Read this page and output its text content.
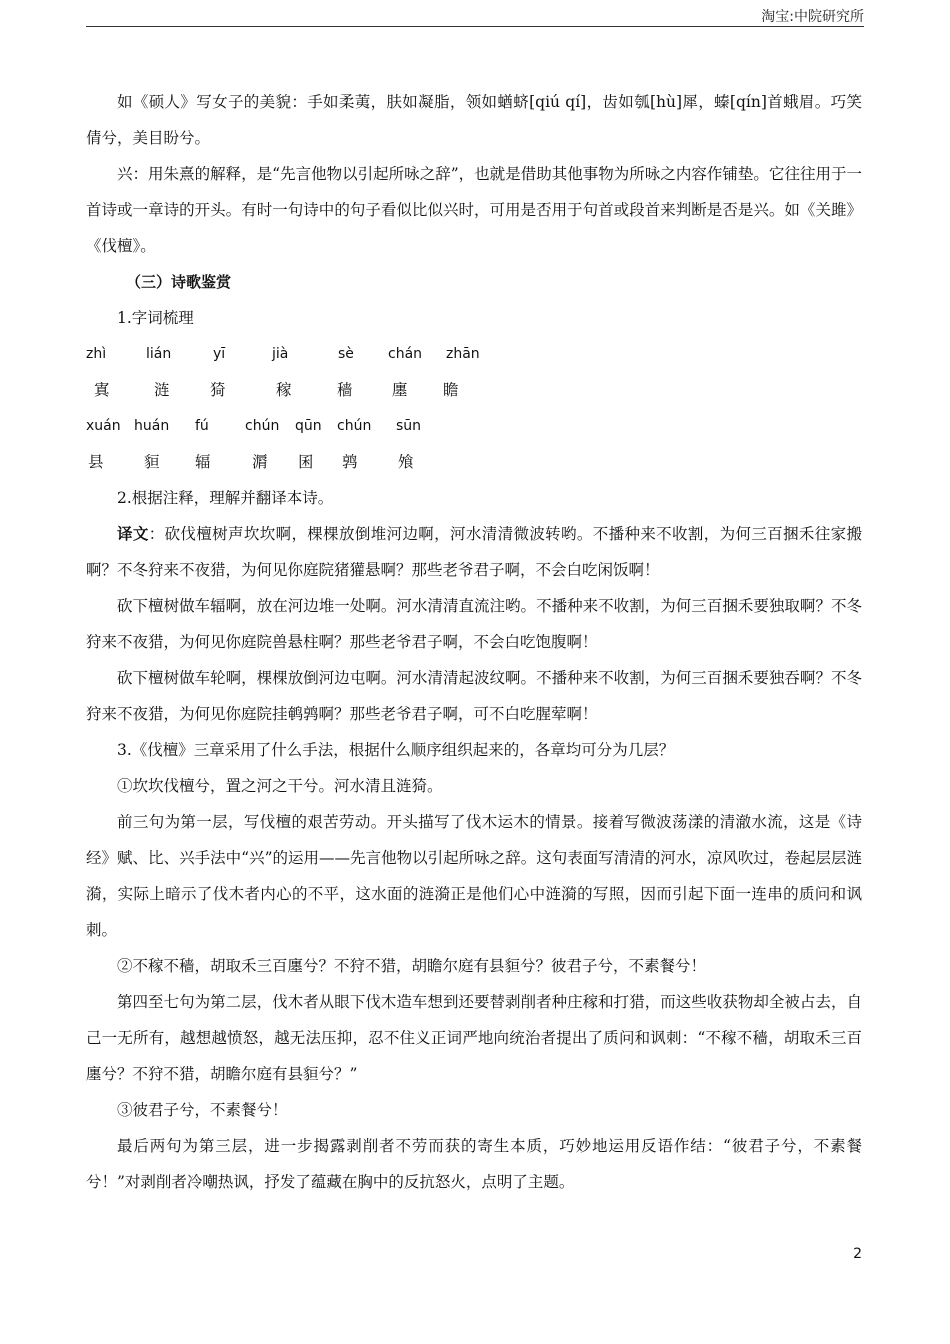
淘宝:中院研究所

如《硕人》写女子的美貌：手如柔荑，肤如凝脂，领如蝤蛴[qiú qí]，齿如瓠[hù]犀，螓[qín]首蛾眉。巧笑倩兮，美目盼兮。

兴：用朱熹的解释，是“先言他物以引起所咏之辞”，也就是借助其他事物为所咏之内容作铺垫。它往往用于一首诗或一章诗的开头。有时一句诗中的句子看似比似兴时，可用是否用于句首或段首来判断是否是兴。如《关雎》《伐檀》。

（三）诗歌鉴赏

1.字词梳理

zhì	lián	yī	jià	sè chán zhān
寘	涟	猗	稼	穑	廛 瞻
xuán huán fú	chún qūn chún sūn
县	貆 辐	漘 囷 鹑	飧

2.根据注释，理解并翻译本诗。

译文：砍伐檀树声坎坎啊，棵棵放倒堆河边啊，河水清清微波转哟。不播种来不收割，为何三百捆禾往家搬啊？不冬狩来不夜猎，为何见你庭院猪獾悬啊？那些老爷君子啊，不会白吃闲饭啊！

砍下檀树做车辐啊，放在河边堆一处啊。河水清清直流注哟。不播种来不收割，为何三百捆禾要独取啊？不冬狩来不夜猎，为何见你庭院兽悬柱啊？那些老爷君子啊，不会白吃饱腹啊！

砍下檀树做车轮啊，棵棵放倒河边屯啊。河水清清起波纹啊。不播种来不收割，为何三百捆禾要独吞啊？不冬狩来不夜猎，为何见你庭院挂鹌鹑啊？那些老爷君子啊，可不白吃腥荤啊！

3.《伐檀》三章采用了什么手法，根据什么顺序组织起来的，各章均可分为几层？

①坎坎伐檀兮，置之河之干兮。河水清且涟猗。

前三句为第一层，写伐檀的艰苦劳动。开头描写了伐木运木的情景。接着写微波荡漾的清澈水流，这是《诗经》赋、比、兴手法中“兴”的运用——先言他物以引起所咏之辞。这句表面写清清的河水，凉风吹过，卷起层层涟漪，实际上暗示了伐木者内心的不平，这水面的涟漪正是他们心中涟漪的写照，因而引起下面一连串的质问和讽刺。

②不稼不穑，胡取禾三百廛兮？不狩不猎，胡瞻尔庭有县貆兮？彼君子兮，不素餐兮！

第四至七句为第二层，伐木者从眼下伐木造车想到还要替剥削者种庄稼和打猎，而这些收获物却全被占去，自己一无所有，越想越愤怒，越无法压抑，忍不住义正词严地向统治者提出了质问和讽刺：“不稼不穑，胡取禾三百廛兮？不狩不猎，胡瞻尔庭有县貆兮？”

③彼君子兮，不素餐兮！

最后两句为第三层，进一步揭露剥削者不劳而获的寄生本质，巧妙地运用反语作结：“彼君子兮，不素餐兮！”对剥削者冷嘲热讽，抒发了蕴藏在胸中的反抗怒火，点明了主题。

2
